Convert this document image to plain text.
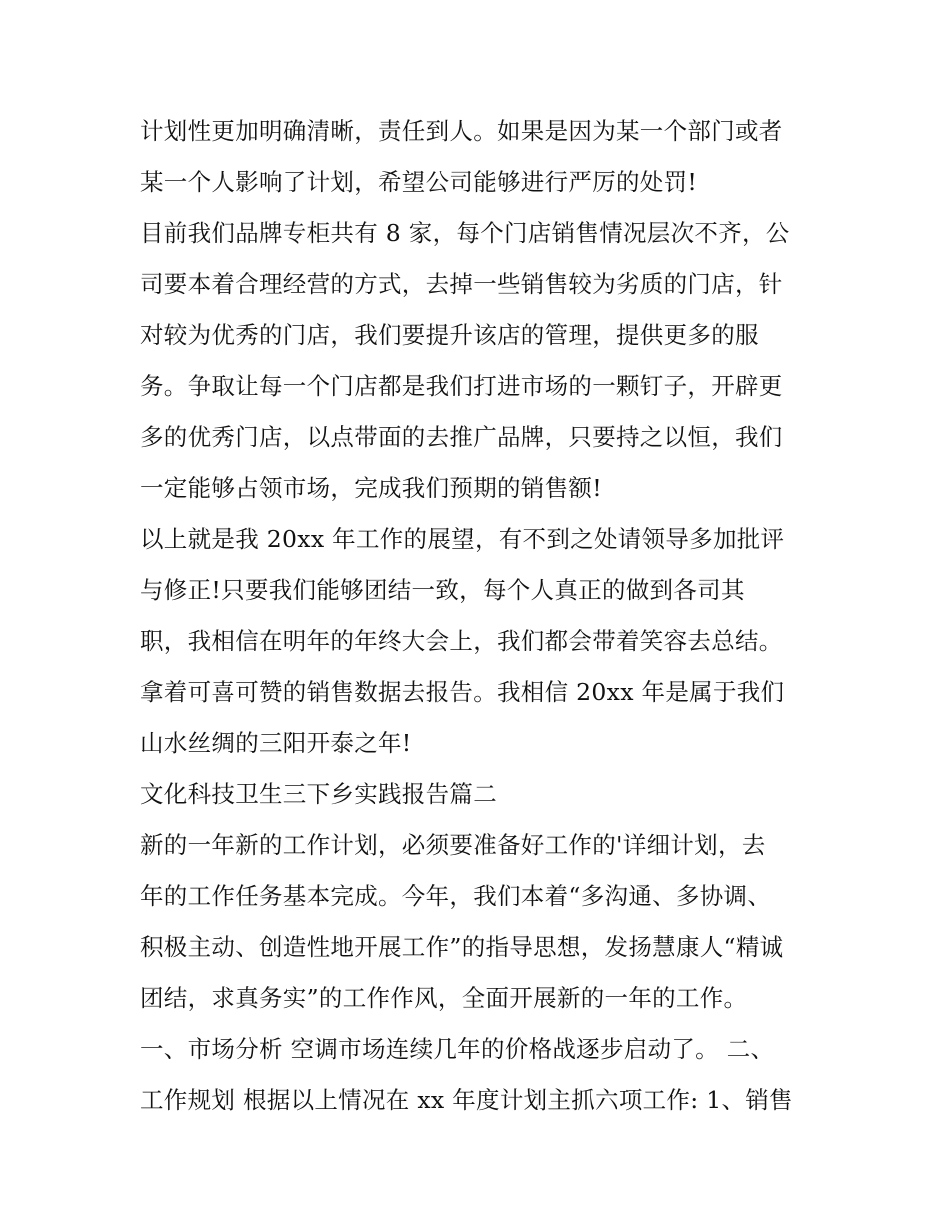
计划性更加明确清晰，责任到人。如果是因为某一个部门或者
某一个人影响了计划，希望公司能够进行严厉的处罚!
目前我们品牌专柜共有 8 家，每个门店销售情况层次不齐，公
司要本着合理经营的方式，去掉一些销售较为劣质的门店，针
对较为优秀的门店，我们要提升该店的管理，提供更多的服
务。争取让每一个门店都是我们打进市场的一颗钉子，开辟更
多的优秀门店，以点带面的去推广品牌，只要持之以恒，我们
一定能够占领市场，完成我们预期的销售额!
以上就是我 20xx 年工作的展望，有不到之处请领导多加批评
与修正!只要我们能够团结一致，每个人真正的做到各司其
职，我相信在明年的年终大会上，我们都会带着笑容去总结。
拿着可喜可赞的销售数据去报告。我相信 20xx 年是属于我们
山水丝绸的三阳开泰之年!
文化科技卫生三下乡实践报告篇二
新的一年新的工作计划，必须要准备好工作的'详细计划，去
年的工作任务基本完成。今年，我们本着“多沟通、多协调、
积极主动、创造性地开展工作”的指导思想，发扬慧康人“精诚
团结，求真务实”的工作作风，全面开展新的一年的工作。
一、市场分析 空调市场连续几年的价格战逐步启动了。 二、
工作规划 根据以上情况在 xx 年度计划主抓六项工作: 1、销售
